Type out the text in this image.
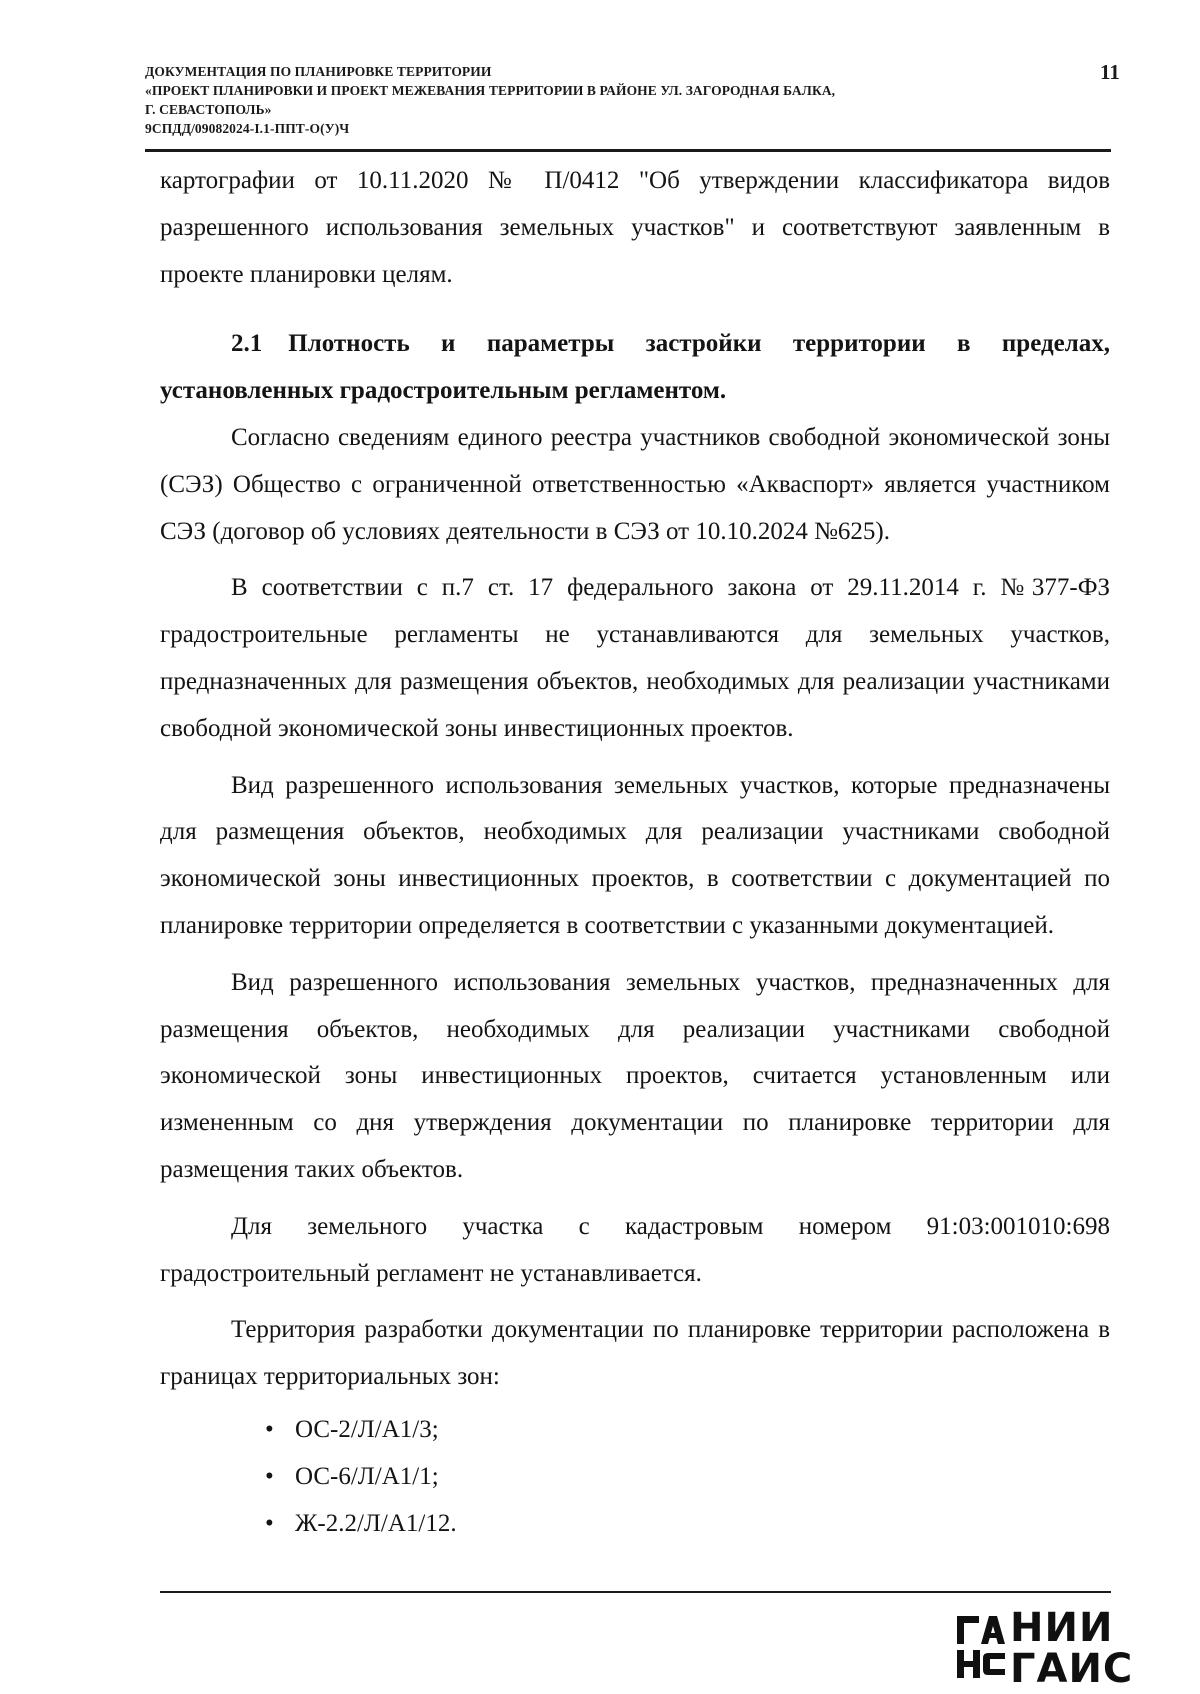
ДОКУМЕНТАЦИЯ ПО ПЛАНИРОВКЕ ТЕРРИТОРИИ
«ПРОЕКТ ПЛАНИРОВКИ И ПРОЕКТ МЕЖЕВАНИЯ ТЕРРИТОРИИ В РАЙОНЕ УЛ. ЗАГОРОДНАЯ БАЛКА,
Г. СЕВАСТОПОЛЬ»
9СПДД/09082024-I.1-ППТ-О(У)Ч
11

картографии от 10.11.2020 № П/0412 "Об утверждении классификатора видов разрешенного использования земельных участков" и соответствуют заявленным в проекте планировки целям.

2.1 Плотность и параметры застройки территории в пределах, установленных градостроительным регламентом.

Согласно сведениям единого реестра участников свободной экономической зоны (СЭЗ) Общество с ограниченной ответственностью «Акваспорт» является участником СЭЗ (договор об условиях деятельности в СЭЗ от 10.10.2024 №625).

В соответствии с п.7 ст. 17 федерального закона от 29.11.2014 г. №377-ФЗ градостроительные регламенты не устанавливаются для земельных участков, предназначенных для размещения объектов, необходимых для реализации участниками свободной экономической зоны инвестиционных проектов.

Вид разрешенного использования земельных участков, которые предназначены для размещения объектов, необходимых для реализации участниками свободной экономической зоны инвестиционных проектов, в соответствии с документацией по планировке территории определяется в соответствии с указанными документацией.

Вид разрешенного использования земельных участков, предназначенных для размещения объектов, необходимых для реализации участниками свободной экономической зоны инвестиционных проектов, считается установленным или измененным со дня утверждения документации по планировке территории для размещения таких объектов.

Для земельного участка с кадастровым номером 91:03:001010:698 градостроительный регламент не устанавливается.

Территория разработки документации по планировке территории расположена в границах территориальных зон:

• ОС-2/Л/А1/3;
• ОС-6/Л/А1/1;
• Ж-2.2/Л/А1/12.
НИИ
ГАИС
